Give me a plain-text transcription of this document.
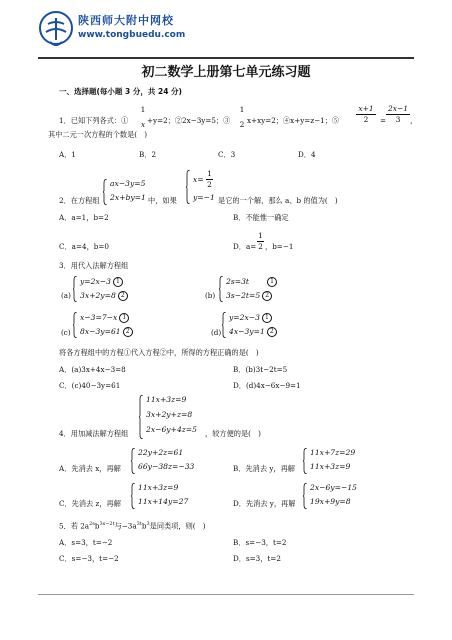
陕西师大附中网校
www.tongbuedu.com
初二数学上册第七单元练习题
一、选择题(每小题 3 分，共 24 分)
1．已知下列各式：①
1
x +y=2；②2x−3y=5；③
1
2 x+xy=2；④x+y=z−1；⑤
x+1
2	=
2x−1
3	，
其中二元一次方程的个数是(　)
A．1	B．2	C．3	D．4
2．在方程组
ax−3y=5
2x+by=1 中，如果
x=
1
2
y=−1 是它的一个解，那么 a、b 的值为(　)
A．a=1，b=2	B．不能惟一确定
C．a=4，b=0	D．a=
1
2 ，b=−1
3．用代入法解方程组
(a)
y=2x−3 1
3x+2y=8 2	(b)
2s=3t	1
3s−2t=5 2
(c)
x−3=7−x 1
8x−3y=61 2	(d)
y=2x−3 1
4x−3y=1 2
将各方程组中的方程①代入方程②中，所得的方程正确的是(　)
A．(a)3x+4x−3=8	B．(b)3t−2t=5
C．(c)40−3y=61	D．(d)4x−6x−9=1
4．用加减法解方程组
11x+3z=9
3x+2y+z=8
2x−6y+4z=5 ，较方便的是(　)
A．先消去 x，再解
22y+2z=61
66y−38z=−33	B．先消去 y，再解
11x+7z=29
11x+3z=9
C．先消去 z，再解
11x+3z=9
11x+14y=27	D．先消去 y，再解
2x−6y=−15
19x+9y=8
5．若 $2a^{2s}b^{3s-2t}$与$-3a^{3t}b^3$是同类项，则(　)
A．s=3，t=−2	B．s=−3，t=2
C．s=−3，t=−2	D．s=3，t=2
